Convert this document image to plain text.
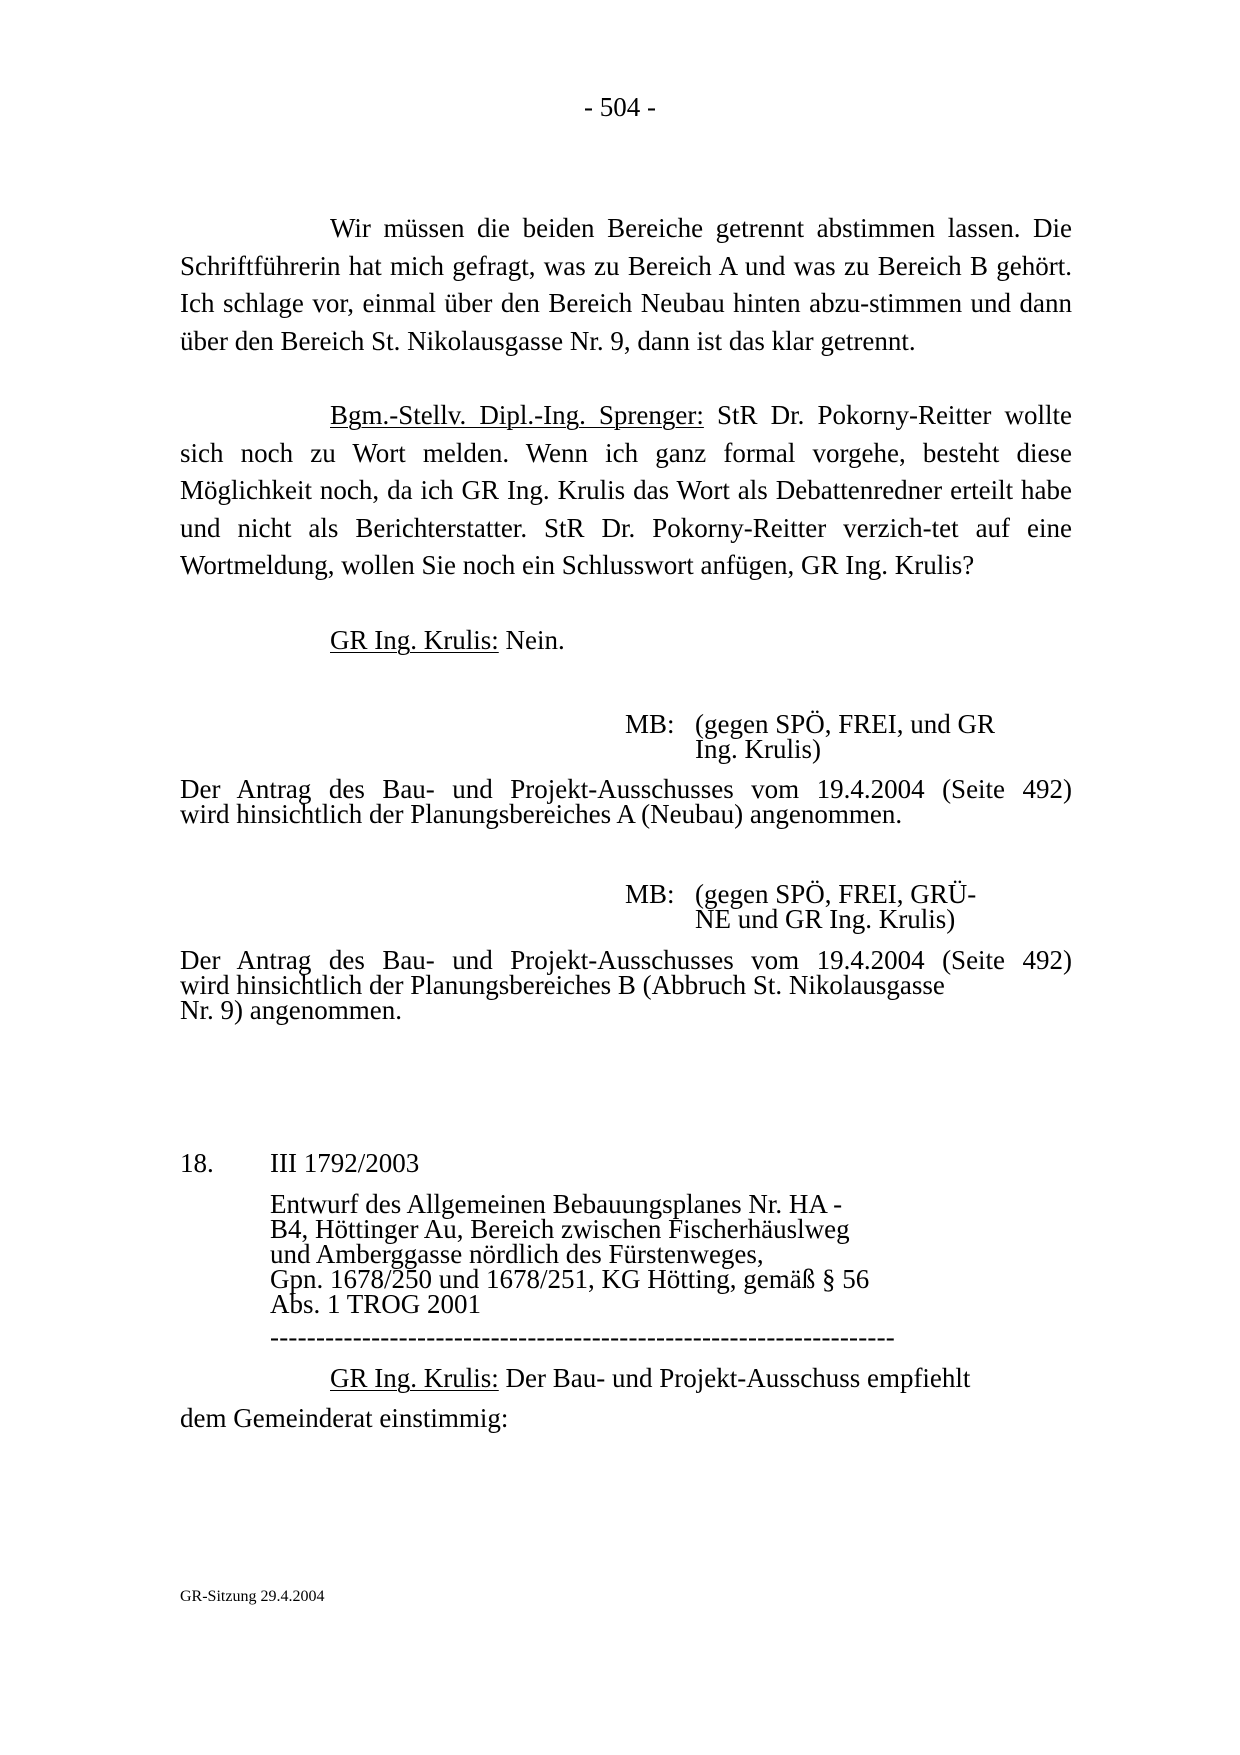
- 504 -

Wir müssen die beiden Bereiche getrennt abstimmen lassen. Die Schriftführerin hat mich gefragt, was zu Bereich A und was zu Bereich B gehört. Ich schlage vor, einmal über den Bereich Neubau hinten abzu-stimmen und dann über den Bereich St. Nikolausgasse Nr. 9, dann ist das klar getrennt.

Bgm.-Stellv. Dipl.-Ing. Sprenger: StR Dr. Pokorny-Reitter wollte sich noch zu Wort melden. Wenn ich ganz formal vorgehe, besteht diese Möglichkeit noch, da ich GR Ing. Krulis das Wort als Debattenredner erteilt habe und nicht als Berichterstatter. StR Dr. Pokorny-Reitter verzich-tet auf eine Wortmeldung, wollen Sie noch ein Schlusswort anfügen, GR Ing. Krulis?

GR Ing. Krulis: Nein.

MB: (gegen SPÖ, FREI, und GR
Ing. Krulis)

Der Antrag des Bau- und Projekt-Ausschusses vom 19.4.2004 (Seite 492)
wird hinsichtlich der Planungsbereiches A (Neubau) angenommen.

MB: (gegen SPÖ, FREI, GRÜ-
NE und GR Ing. Krulis)

Der Antrag des Bau- und Projekt-Ausschusses vom 19.4.2004 (Seite 492)
wird hinsichtlich der Planungsbereiches B (Abbruch St. Nikolausgasse
Nr. 9) angenommen.

18. III 1792/2003
Entwurf des Allgemeinen Bebauungsplanes Nr. HA -
B4, Höttinger Au, Bereich zwischen Fischerhäuslweg
und Amberggasse nördlich des Fürstenweges,
Gpn. 1678/250 und 1678/251, KG Hötting, gemäß § 56
Abs. 1 TROG 2001
--------------------------------------------------------------------

GR Ing. Krulis: Der Bau- und Projekt-Ausschuss empfiehlt
dem Gemeinderat einstimmig:

GR-Sitzung 29.4.2004
